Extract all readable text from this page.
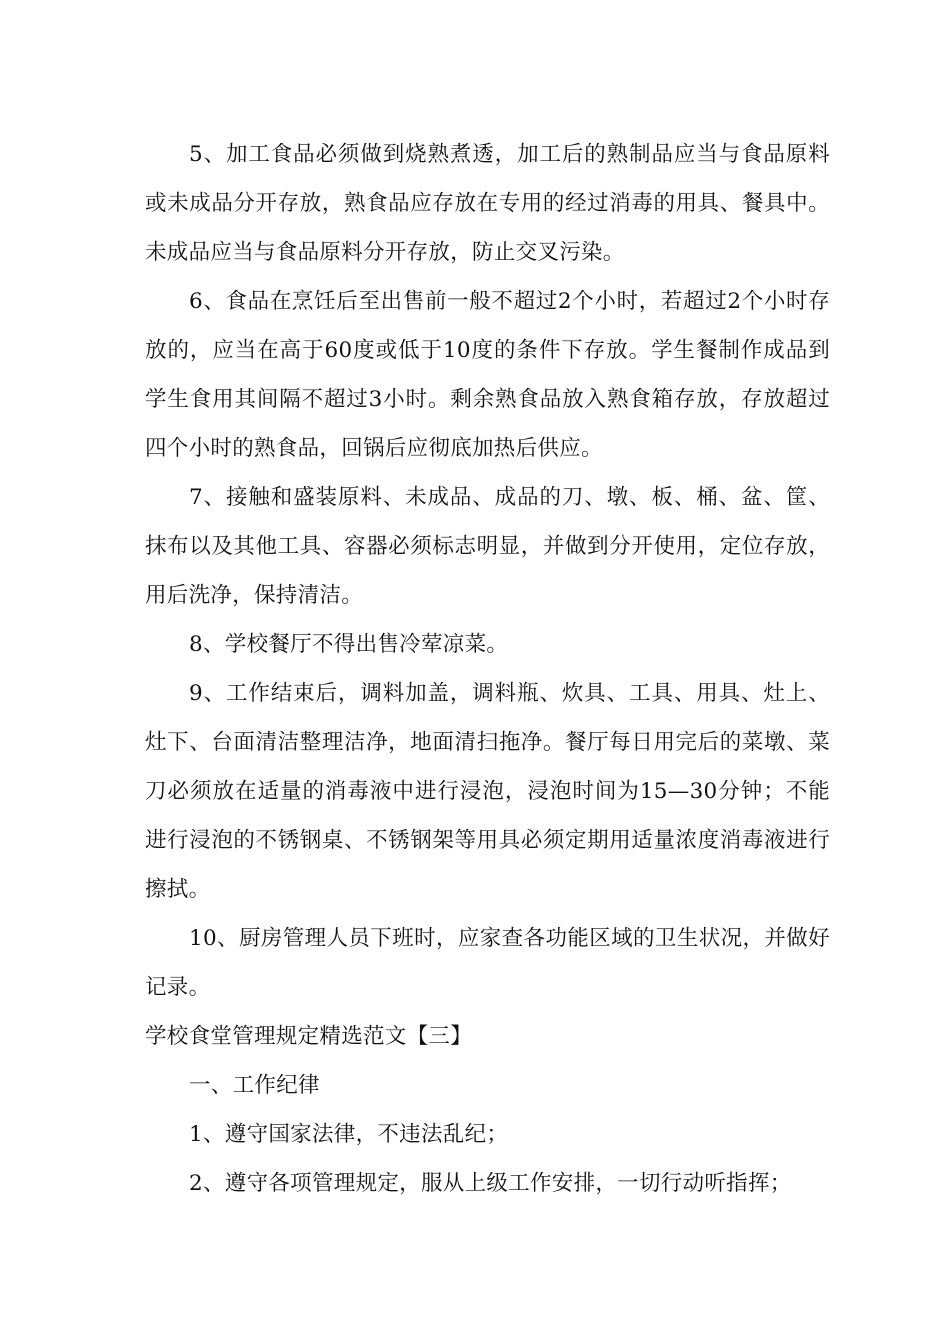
5、加工食品必须做到烧熟煮透，加工后的熟制品应当与食品原料或未成品分开存放，熟食品应存放在专用的经过消毒的用具、餐具中。未成品应当与食品原料分开存放，防止交叉污染。

6、食品在烹饪后至出售前一般不超过2个小时，若超过2个小时存放的，应当在高于60度或低于10度的条件下存放。学生餐制作成品到学生食用其间隔不超过3小时。剩余熟食品放入熟食箱存放，存放超过四个小时的熟食品，回锅后应彻底加热后供应。

7、接触和盛装原料、未成品、成品的刀、墩、板、桶、盆、筐、抹布以及其他工具、容器必须标志明显，并做到分开使用，定位存放，用后洗净，保持清洁。

8、学校餐厅不得出售冷荤凉菜。

9、工作结束后，调料加盖，调料瓶、炊具、工具、用具、灶上、灶下、台面清洁整理洁净，地面清扫拖净。餐厅每日用完后的菜墩、菜刀必须放在适量的消毒液中进行浸泡，浸泡时间为15—30分钟；不能进行浸泡的不锈钢桌、不锈钢架等用具必须定期用适量浓度消毒液进行擦拭。

10、厨房管理人员下班时，应家查各功能区域的卫生状况，并做好记录。

学校食堂管理规定精选范文【三】

一、工作纪律

1、遵守国家法律，不违法乱纪；

2、遵守各项管理规定，服从上级工作安排，一切行动听指挥；
